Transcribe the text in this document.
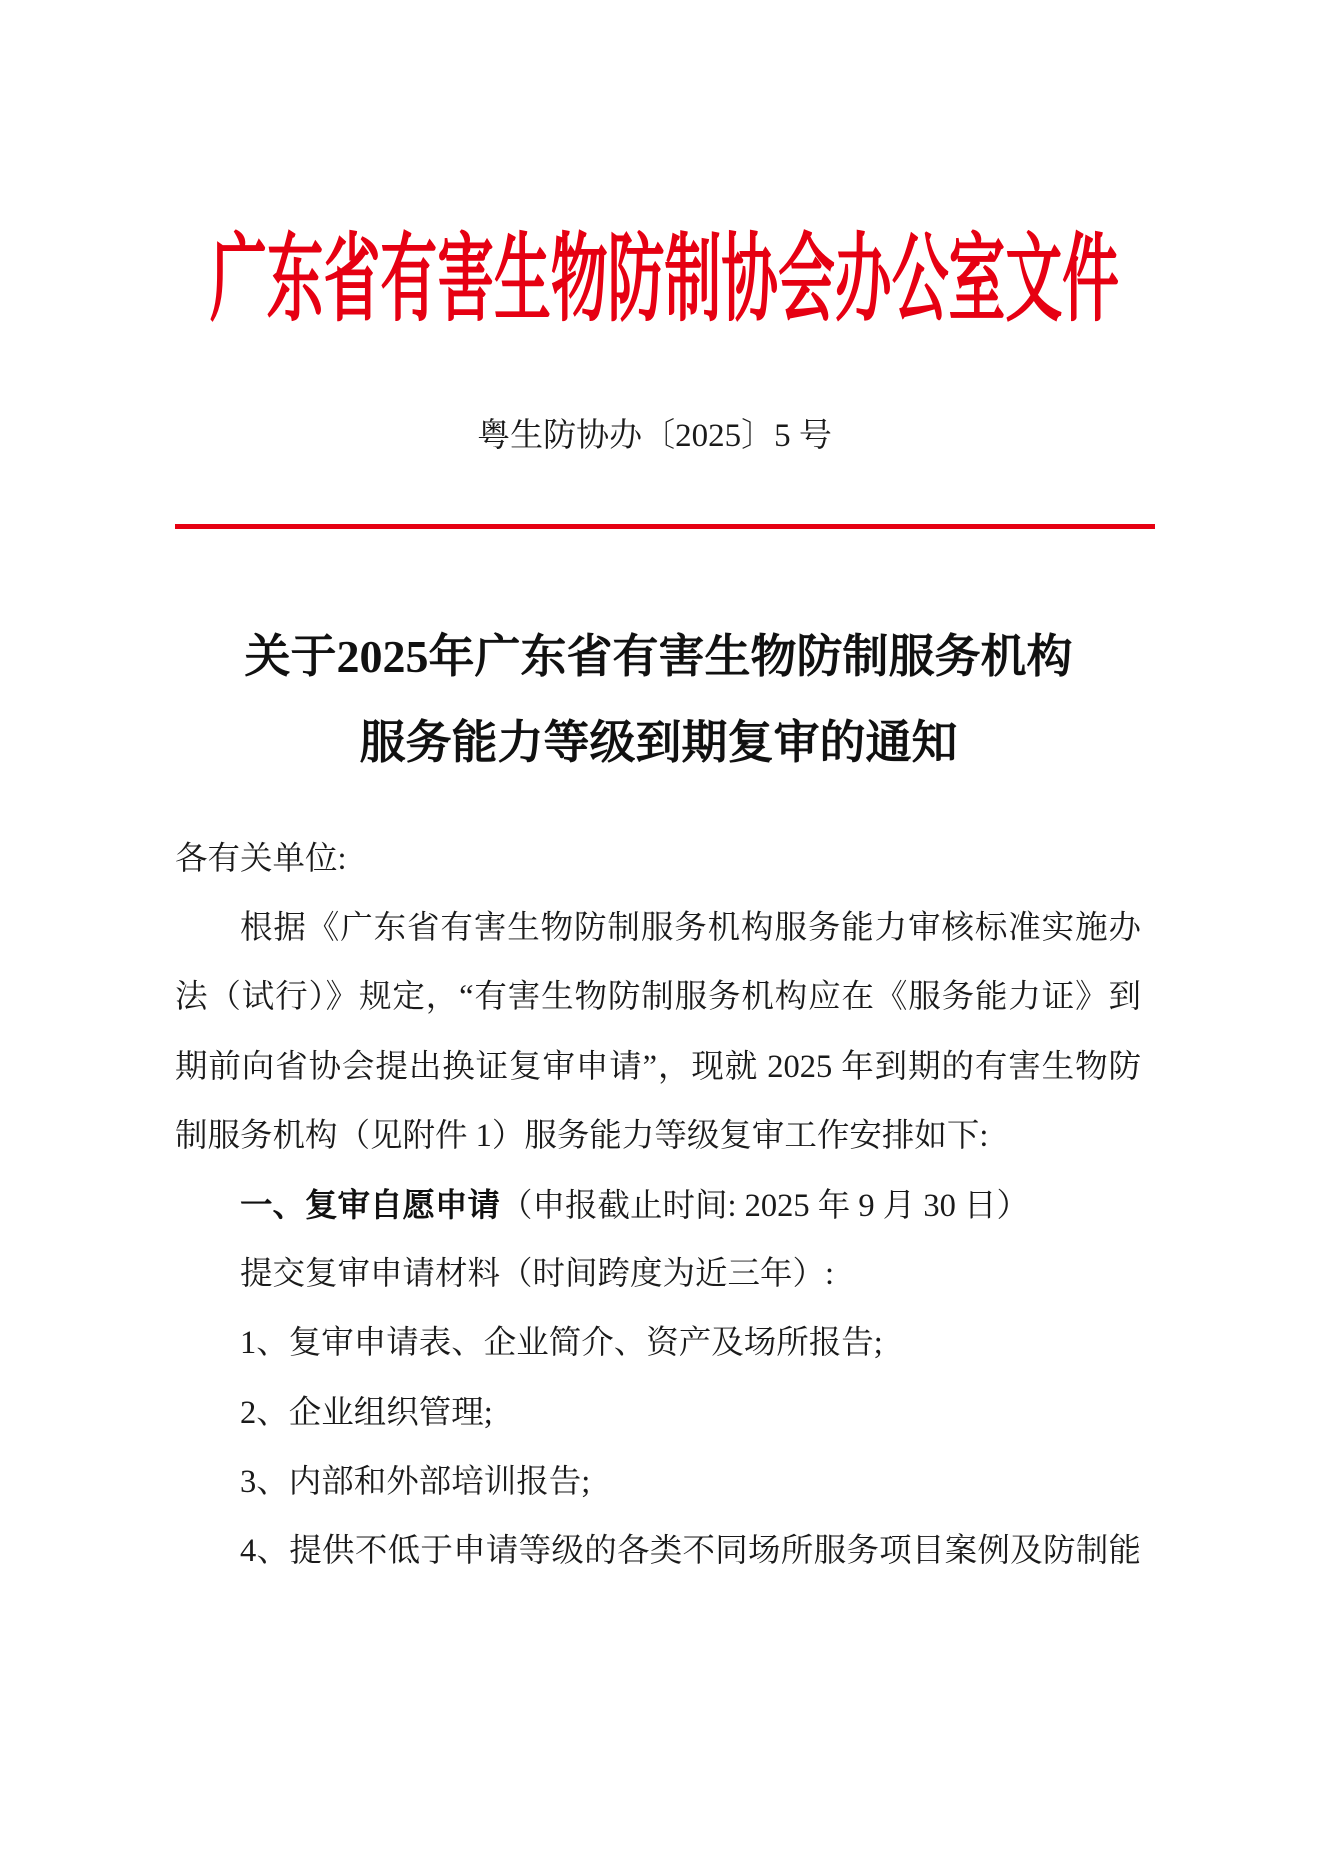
广东省有害生物防制协会办公室文件
粤生防协办〔2025〕5 号
关于2025年广东省有害生物防制服务机构
服务能力等级到期复审的通知
各有关单位:
根据《广东省有害生物防制服务机构服务能力审核标准实施办
法（试行）》规定，“有害生物防制服务机构应在《服务能力证》到
期前向省协会提出换证复审申请”，现就 2025 年到期的有害生物防
制服务机构（见附件 1）服务能力等级复审工作安排如下:
一、复审自愿申请（申报截止时间: 2025 年 9 月 30 日）
提交复审申请材料（时间跨度为近三年）:
1、复审申请表、企业简介、资产及场所报告;
2、企业组织管理;
3、内部和外部培训报告;
4、提供不低于申请等级的各类不同场所服务项目案例及防制能
